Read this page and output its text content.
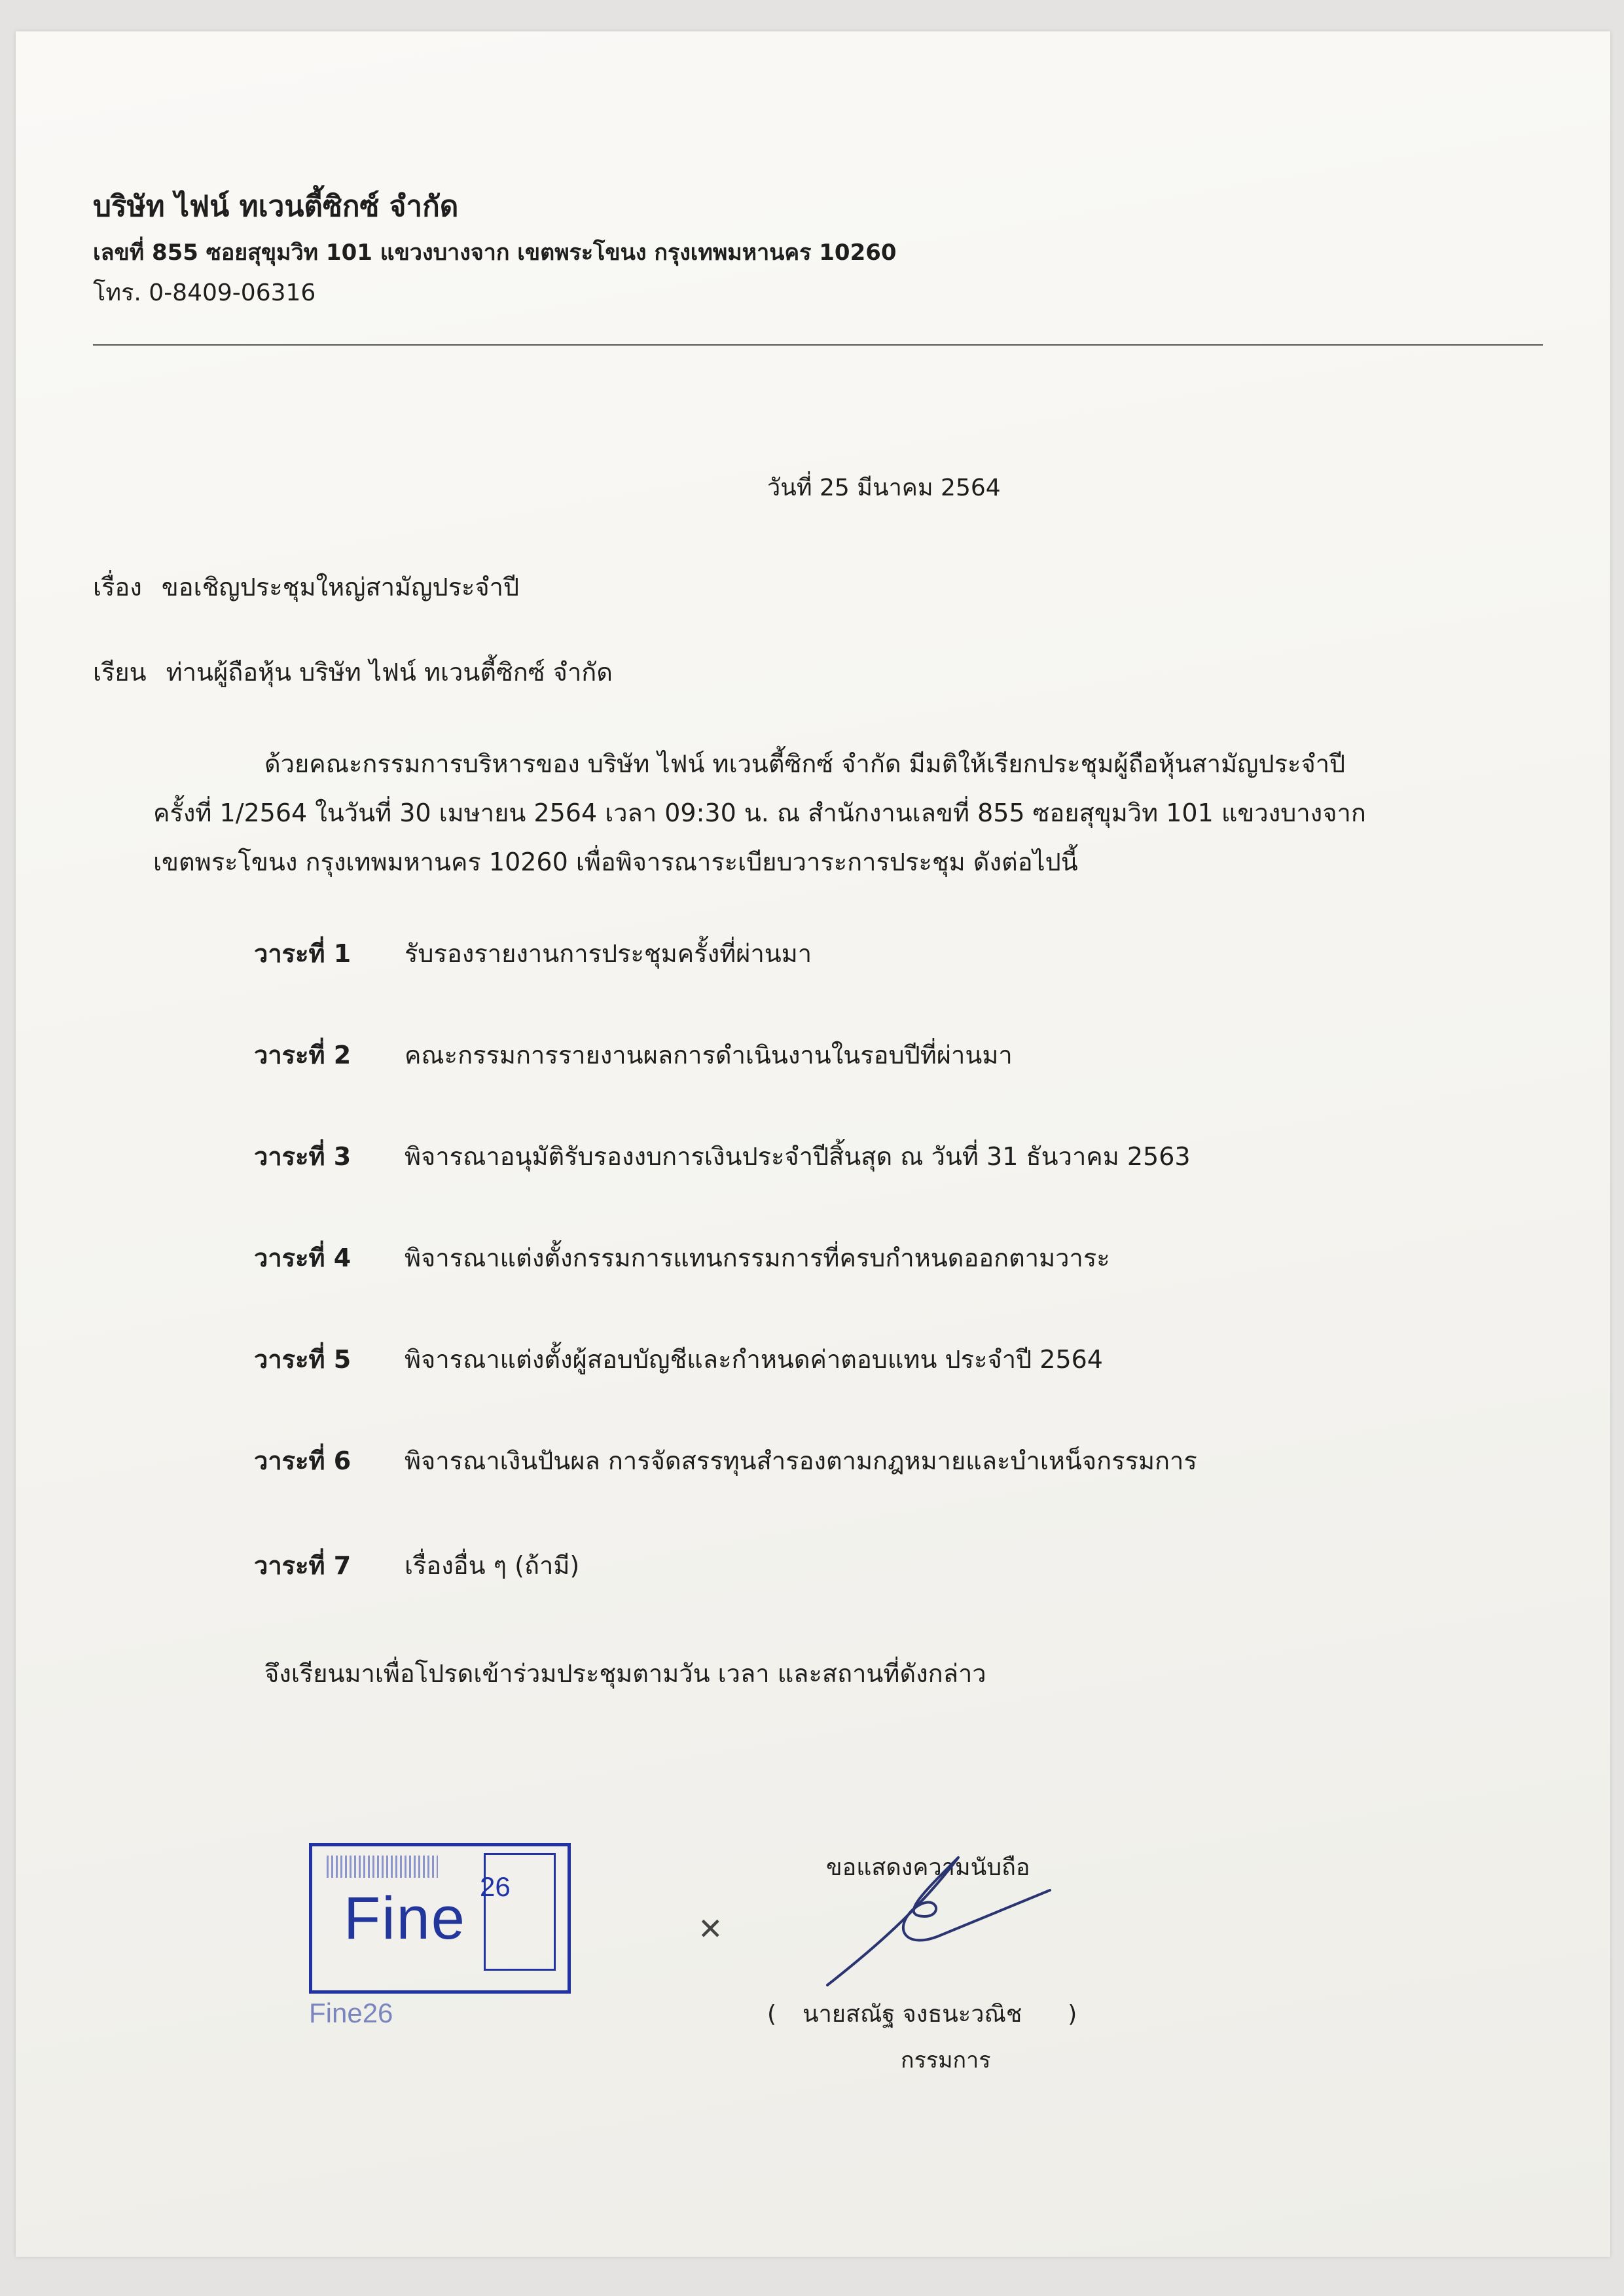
บริษัท ไฟน์ ทเวนตี้ซิกซ์ จำกัด
เลขที่ 855 ซอยสุขุมวิท 101 แขวงบางจาก เขตพระโขนง กรุงเทพมหานคร 10260
โทร. 0-8409-06316
วันที่ 25 มีนาคม 2564
เรื่อง ขอเชิญประชุมใหญ่สามัญประจำปี
เรียน ท่านผู้ถือหุ้น บริษัท ไฟน์ ทเวนตี้ซิกซ์ จำกัด
ด้วยคณะกรรมการบริหารของ บริษัท ไฟน์ ทเวนตี้ซิกซ์ จำกัด มีมติให้เรียกประชุมผู้ถือหุ้นสามัญประจำปี
ครั้งที่ 1/2564 ในวันที่ 30 เมษายน 2564 เวลา 09:30 น. ณ สำนักงานเลขที่ 855 ซอยสุขุมวิท 101 แขวงบางจาก
เขตพระโขนง กรุงเทพมหานคร 10260 เพื่อพิจารณาระเบียบวาระการประชุม ดังต่อไปนี้
วาระที่ 1 รับรองรายงานการประชุมครั้งที่ผ่านมา
วาระที่ 2 คณะกรรมการรายงานผลการดำเนินงานในรอบปีที่ผ่านมา
วาระที่ 3 พิจารณาอนุมัติรับรองงบการเงินประจำปีสิ้นสุด ณ วันที่ 31 ธันวาคม 2563
วาระที่ 4 พิจารณาแต่งตั้งกรรมการแทนกรรมการที่ครบกำหนดออกตามวาระ
วาระที่ 5 พิจารณาแต่งตั้งผู้สอบบัญชีและกำหนดค่าตอบแทน ประจำปี 2564
วาระที่ 6 พิจารณาเงินปันผล การจัดสรรทุนสำรองตามกฎหมายและบำเหน็จกรรมการ
วาระที่ 7 เรื่องอื่น ๆ (ถ้ามี)
จึงเรียนมาเพื่อโปรดเข้าร่วมประชุมตามวัน เวลา และสถานที่ดังกล่าว
Fine 26
Fine26
✕
ขอแสดงความนับถือ
( นายสณัฐ จงธนะวณิช )
กรรมการ
